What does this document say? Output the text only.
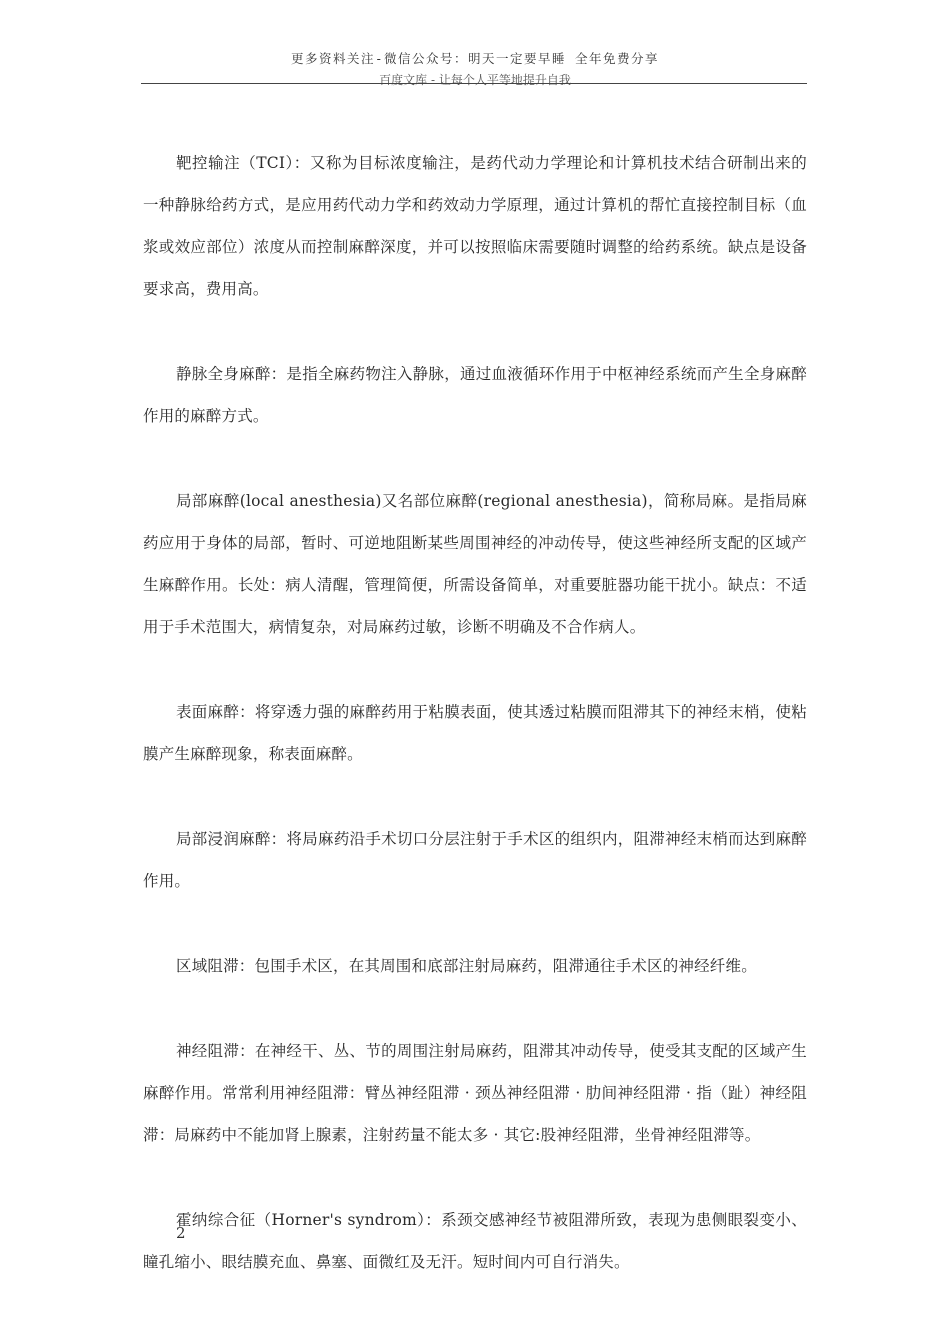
更多资料关注-微信公众号：明天一定要早睡 全年免费分享
百度文库 - 让每个人平等地提升自我

靶控输注（TCI）：又称为目标浓度输注，是药代动力学理论和计算机技术结合研制出来的一种静脉给药方式，是应用药代动力学和药效动力学原理，通过计算机的帮忙直接控制目标（血浆或效应部位）浓度从而控制麻醉深度，并可以按照临床需要随时调整的给药系统。缺点是设备要求高，费用高。

静脉全身麻醉：是指全麻药物注入静脉，通过血液循环作用于中枢神经系统而产生全身麻醉作用的麻醉方式。

局部麻醉(local anesthesia)又名部位麻醉(regional anesthesia)，简称局麻。是指局麻药应用于身体的局部，暂时、可逆地阻断某些周围神经的冲动传导，使这些神经所支配的区域产生麻醉作用。长处：病人清醒，管理简便，所需设备简单，对重要脏器功能干扰小。缺点：不适用于手术范围大，病情复杂，对局麻药过敏，诊断不明确及不合作病人。

表面麻醉：将穿透力强的麻醉药用于粘膜表面，使其透过粘膜而阻滞其下的神经末梢，使粘膜产生麻醉现象，称表面麻醉。

局部浸润麻醉：将局麻药沿手术切口分层注射于手术区的组织内，阻滞神经末梢而达到麻醉作用。

区域阻滞：包围手术区，在其周围和底部注射局麻药，阻滞通往手术区的神经纤维。

神经阻滞：在神经干、丛、节的周围注射局麻药，阻滞其冲动传导，使受其支配的区域产生麻醉作用。常常利用神经阻滞：臂丛神经阻滞 · 颈丛神经阻滞 · 肋间神经阻滞 · 指（趾）神经阻滞：局麻药中不能加肾上腺素，注射药量不能太多 · 其它:股神经阻滞，坐骨神经阻滞等。

霍纳综合征（Horner's syndrom）：系颈交感神经节被阻滞所致，表现为患侧眼裂变小、瞳孔缩小、眼结膜充血、鼻塞、面微红及无汗。短时间内可自行消失。

2
